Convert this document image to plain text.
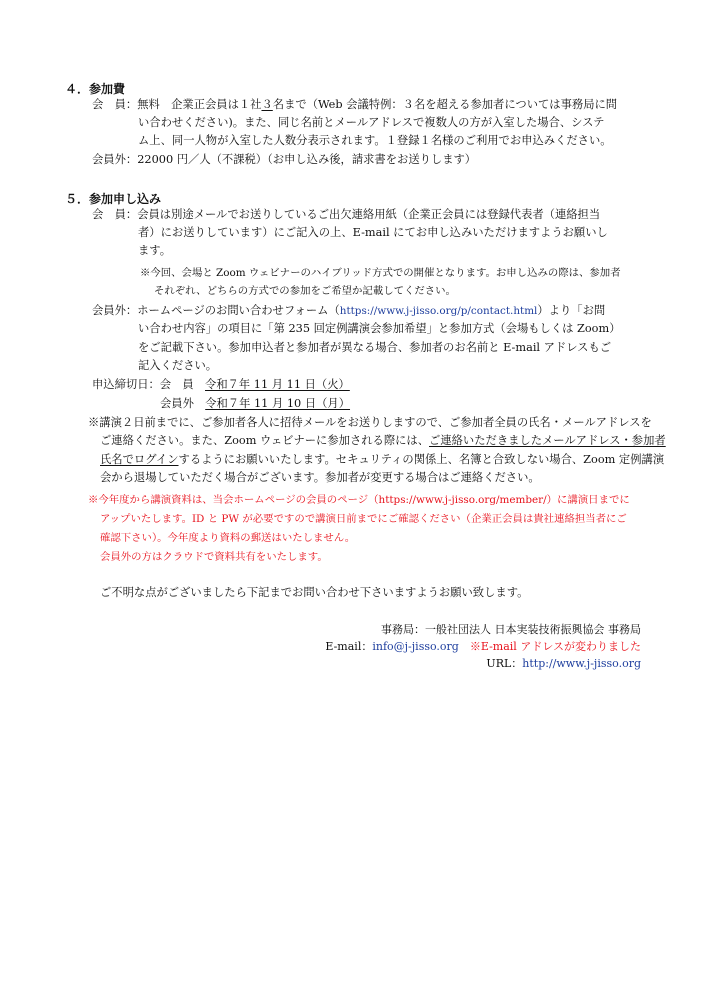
４．参加費
会　員：無料　企業正会員は１社３名まで（Web 会議特例：３名を超える参加者については事務局に問
い合わせください)。また、同じ名前とメールアドレスで複数人の方が入室した場合、システ
ム上、同一人物が入室した人数分表示されます。１登録１名様のご利用でお申込みください。
会員外：22000 円／人（不課税）（お申し込み後，請求書をお送りします）
５．参加申し込み
会　員：会員は別途メールでお送りしているご出欠連絡用紙（企業正会員には登録代表者（連絡担当
者）にお送りしています）にご記入の上、E-mail にてお申し込みいただけますようお願いし
ます。
※今回、会場と Zoom ウェビナーのハイブリッド方式での開催となります。お申し込みの際は、参加者
それぞれ、どちらの方式での参加をご希望か記載してください。
会員外：ホームページのお問い合わせフォーム（https://www.j-jisso.org/p/contact.html）より「お問
い合わせ内容」の項目に「第 235 回定例講演会参加希望」と参加方式（会場もしくは Zoom）
をご記載下さい。参加申込者と参加者が異なる場合、参加者のお名前と E-mail アドレスもご
記入ください。
申込締切日：会　員　 令和７年 11 月 11 日（火）
会員外　 令和７年 11 月 10 日（月）
※講演２日前までに、ご参加者各人に招待メールをお送りしますので、ご参加者全員の氏名・メールアドレスを
ご連絡ください。また、Zoom ウェビナーに参加される際には、ご連絡いただきましたメールアドレス・参加者
氏名でログインするようにお願いいたします。セキュリティの関係上、名簿と合致しない場合、Zoom 定例講演
会から退場していただく場合がございます。参加者が変更する場合はご連絡ください。
※今年度から講演資料は、当会ホームページの会員のページ（https://www.j-jisso.org/member/）に講演日までに
アップいたします。ID と PW が必要ですので講演日前までにご確認ください（企業正会員は貴社連絡担当者にご
確認下さい）。今年度より資料の郵送はいたしません。
会員外の方はクラウドで資料共有をいたします。
ご不明な点がございましたら下記までお問い合わせ下さいますようお願い致します。
事務局：一般社団法人 日本実装技術振興協会 事務局
E-mail：info@j-jisso.org　 ※E-mail アドレスが変わりました
URL：http://www.j-jisso.org
